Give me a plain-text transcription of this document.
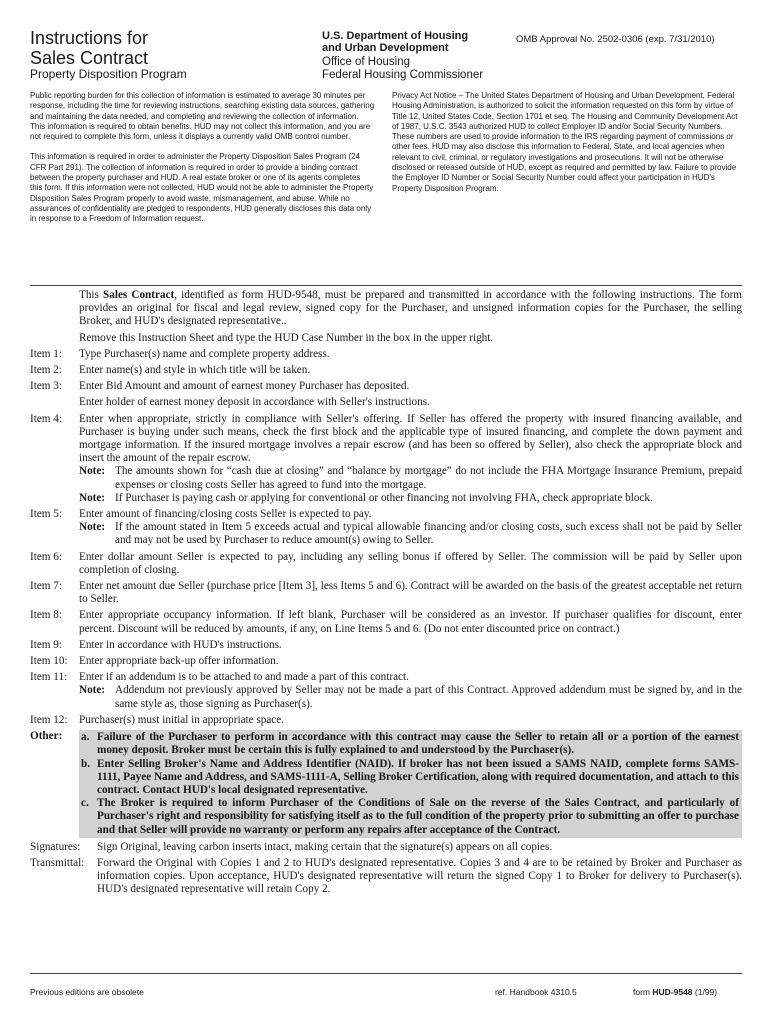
Instructions for
Sales Contract
Property Disposition Program
U.S. Department of Housing
and Urban Development
Office of Housing
Federal Housing Commissioner
OMB Approval No. 2502-0306 (exp. 7/31/2010)

Public reporting burden for this collection of information is estimated to average 30 minutes per response, including the time for reviewing instructions, searching existing data sources, gathering and maintaining the data needed, and completing and reviewing the collection of information. This information is required to obtain benefits. HUD may not collect this information, and you are not required to complete this form, unless it displays a currently valid OMB control number.

This information is required in order to administer the Property Disposition Sales Program (24 CFR Part 291). The collection of information is required in order to provide a binding contract between the property purchaser and HUD. A real estate broker or one of its agents completes this form. If this information were not collected, HUD would not be able to administer the Property Disposition Sales Program properly to avoid waste, mismanagement, and abuse. While no assurances of confidentiality are pledged to respondents, HUD generally discloses this data only in response to a Freedom of Information request.

Privacy Act Notice – The United States Department of Housing and Urban Development, Federal Housing Administration, is authorized to solicit the information requested on this form by virtue of Title 12, United States Code, Section 1701 et seq. The Housing and Community Development Act of 1987, U.S.C. 3543 authorized HUD to collect Employer ID and/or Social Security Numbers. These numbers are used to provide information to the IRS regarding payment of commissions or other fees. HUD may also disclose this information to Federal, State, and local agencies when relevant to civil, criminal, or regulatory investigations and prosecutions. It will not be otherwise disclosed or released outside of HUD, except as required and permitted by law. Failure to provide the Employer ID Number or Social Security Number could affect your participation in HUD's Property Disposition Program.

This Sales Contract, identified as form HUD-9548, must be prepared and transmitted in accordance with the following instructions. The form provides an original for fiscal and legal review, signed copy for the Purchaser, and unsigned information copies for the Purchaser, the selling Broker, and HUD's designated representative..
Remove this Instruction Sheet and type the HUD Case Number in the box in the upper right.
Item 1:	Type Purchaser(s) name and complete property address.
Item 2:	Enter name(s) and style in which title will be taken.
Item 3:	Enter Bid Amount and amount of earnest money Purchaser has deposited.

Enter holder of earnest money deposit in accordance with Seller's instructions.

Item 4:	Enter when appropriate, strictly in compliance with Seller's offering. If Seller has offered the property with insured financing available, and Purchaser is buying under such means, check the first block and the applicable type of insured financing, and complete the down payment and mortgage information. If the insured mortgage involves a repair escrow (and has been so offered by Seller), also check the appropriate block and insert the amount of the repair escrow.
Note: The amounts shown for “cash due at closing” and “balance by mortgage” do not include the FHA Mortgage Insurance Premium, prepaid expenses or closing costs Seller has agreed to fund into the mortgage.
Note: If Purchaser is paying cash or applying for conventional or other financing not involving FHA, check appropriate block.
Item 5:	Enter amount of financing/closing costs Seller is expected to pay.
Note: If the amount stated in Item 5 exceeds actual and typical allowable financing and/or closing costs, such excess shall not be paid by Seller and may not be used by Purchaser to reduce amount(s) owing to Seller.
Item 6:	Enter dollar amount Seller is expected to pay, including any selling bonus if offered by Seller. The commission will be paid by Seller upon completion of closing.
Item 7:	Enter net amount due Seller (purchase price [Item 3], less Items 5 and 6). Contract will be awarded on the basis of the greatest acceptable net return to Seller.
Item 8:	Enter appropriate occupancy information. If left blank, Purchaser will be considered as an investor. If purchaser qualifies for discount, enter percent. Discount will be reduced by amounts, if any, on Line Items 5 and 6. (Do not enter discounted price on contract.)
Item 9:	Enter in accordance with HUD's instructions.
Item 10:	Enter appropriate back-up offer information.
Item 11:	Enter if an addendum is to be attached to and made a part of this contract.
Note: Addendum not previously approved by Seller may not be made a part of this Contract. Approved addendum must be signed by, and in the same style as, those signing as Purchaser(s).
Item 12:	Purchaser(s) must initial in appropriate space.
Other:	a. Failure of the Purchaser to perform in accordance with this contract may cause the Seller to retain all or a portion of the earnest money deposit. Broker must be certain this is fully explained to and understood by the Purchaser(s).
b. Enter Selling Broker's Name and Address Identifier (NAID). If broker has not been issued a SAMS NAID, complete forms SAMS-1111, Payee Name and Address, and SAMS-1111-A, Selling Broker Certification, along with required documentation, and attach to this contract. Contact HUD's local designated representative.
c. The Broker is required to inform Purchaser of the Conditions of Sale on the reverse of the Sales Contract, and particularly of Purchaser's right and responsibility for satisfying itself as to the full condition of the property prior to submitting an offer to purchase and that Seller will provide no warranty or perform any repairs after acceptance of the Contract.
Signatures:	Sign Original, leaving carbon inserts intact, making certain that the signature(s) appears on all copies.
Transmittal:	Forward the Original with Copies 1 and 2 to HUD's designated representative. Copies 3 and 4 are to be retained by Broker and Purchaser as information copies. Upon acceptance, HUD's designated representative will return the signed Copy 1 to Broker for delivery to Purchaser(s). HUD's designated representative will retain Copy 2.
Previous editions are obsolete	ref. Handbook 4310.5	form HUD-9548 (1/99)
